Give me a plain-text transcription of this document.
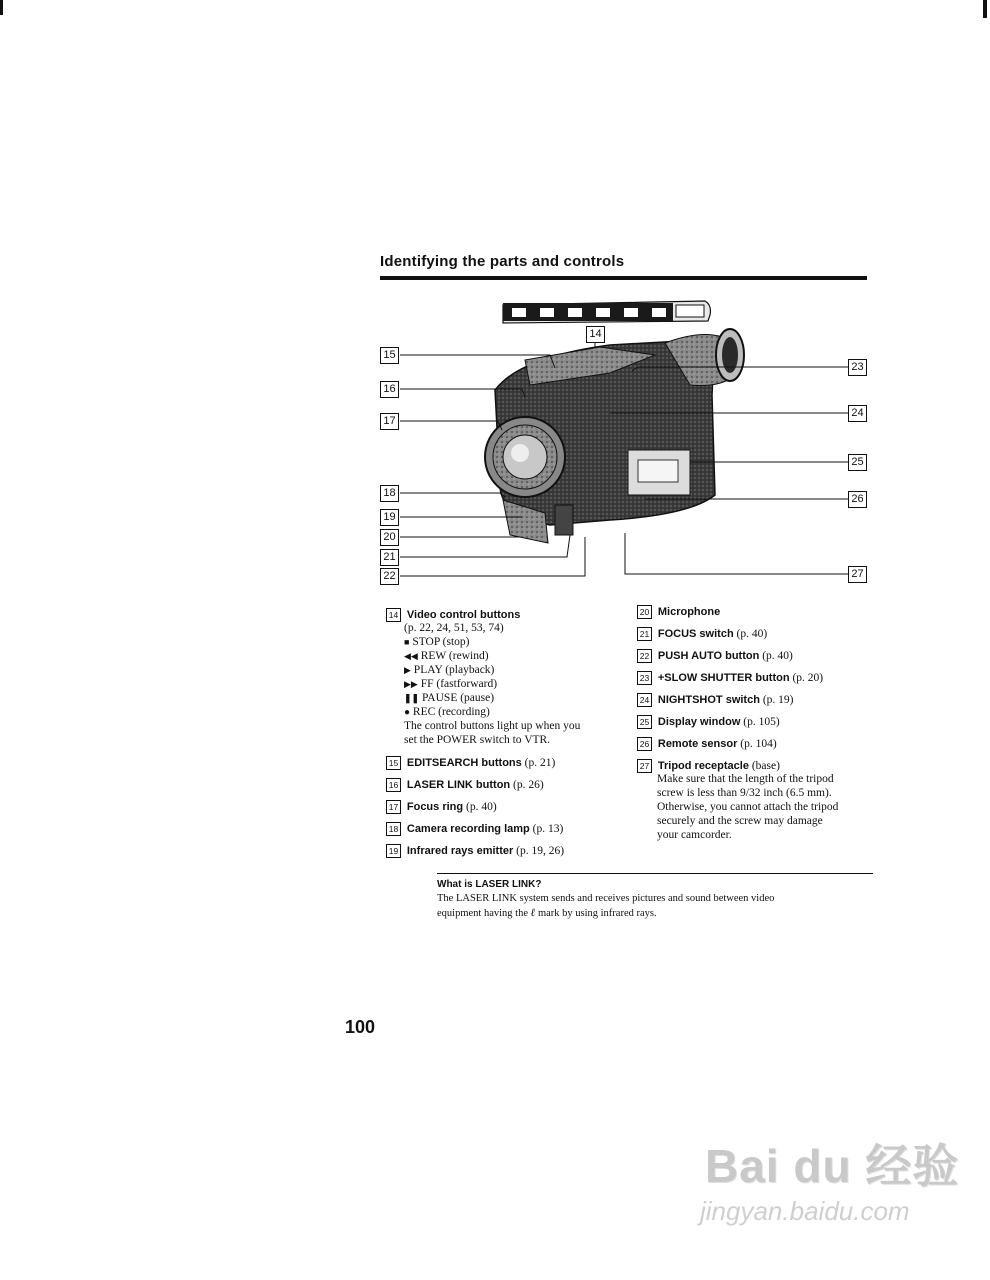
Identifying the parts and controls
14
15
16
17
18
19
20
21
22
23
24
25
26
27
14 Video control buttons
(p. 22, 24, 51, 53, 74)
■ STOP (stop)
◀◀ REW (rewind)
▶ PLAY (playback)
▶▶ FF (fastforward)
❚❚ PAUSE (pause)
● REC (recording)
The control buttons light up when you
set the POWER switch to VTR.
15 EDITSEARCH buttons (p. 21)
16 LASER LINK button (p. 26)
17 Focus ring (p. 40)
18 Camera recording lamp (p. 13)
19 Infrared rays emitter (p. 19, 26)
20 Microphone
21 FOCUS switch (p. 40)
22 PUSH AUTO button (p. 40)
23 +SLOW SHUTTER button (p. 20)
24 NIGHTSHOT switch (p. 19)
25 Display window (p. 105)
26 Remote sensor (p. 104)
27 Tripod receptacle (base)
Make sure that the length of the tripod
screw is less than 9/32 inch (6.5 mm).
Otherwise, you cannot attach the tripod
securely and the screw may damage
your camcorder.
What is LASER LINK?
The LASER LINK system sends and receives pictures and sound between video
equipment having the ℓ mark by using infrared rays.
100
Bai du 经验
jingyan.baidu.com
